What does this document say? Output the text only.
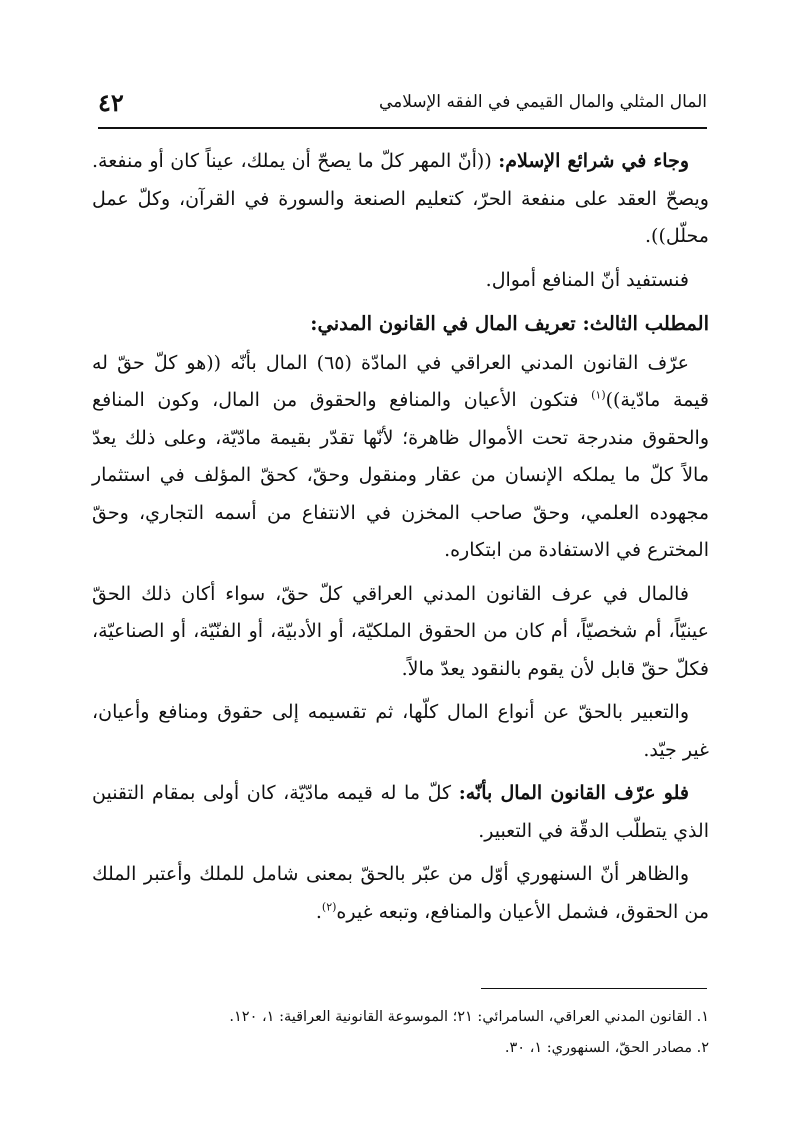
المال المثلي والمال القيمي في الفقه الإسلامي
٤٢

وجاء في شرائع الإسلام: ((أنّ المهر كلّ ما يصحّ أن يملك، عيناً كان أو منفعة. ويصحّ العقد على منفعة الحرّ، كتعليم الصنعة والسورة في القرآن، وكلّ عمل محلّل)).

فنستفيد أنّ المنافع أموال.

المطلب الثالث: تعريف المال في القانون المدني:

عرّف القانون المدني العراقي في المادّة (٦٥) المال بأنّه ((هو كلّ حقّ له قيمة مادّية))$^{(١)}$ فتكون الأعيان والمنافع والحقوق من المال، وكون المنافع والحقوق مندرجة تحت الأموال ظاهرة؛ لأنّها تقدّر بقيمة مادّيّة، وعلى ذلك يعدّ مالاً كلّ ما يملكه الإنسان من عقار ومنقول وحقّ، كحقّ المؤلف في استثمار مجهوده العلمي، وحقّ صاحب المخزن في الانتفاع من أسمه التجاري، وحقّ المخترع في الاستفادة من ابتكاره.

فالمال في عرف القانون المدني العراقي كلّ حقّ، سواء أكان ذلك الحقّ عينيّاً، أم شخصيّاً، أم كان من الحقوق الملكيّة، أو الأدبيّة، أو الفنّيّة، أو الصناعيّة، فكلّ حقّ قابل لأن يقوم بالنقود يعدّ مالاً.

والتعبير بالحقّ عن أنواع المال كلّها، ثم تقسيمه إلى حقوق ومنافع وأعيان، غير جيّد.

فلو عرّف القانون المال بأنّه: كلّ ما له قيمه مادّيّة، كان أولى بمقام التقنين الذي يتطلّب الدقّة في التعبير.

والظاهر أنّ السنهوري أوّل من عبّر بالحقّ بمعنى شامل للملك وأعتبر الملك من الحقوق، فشمل الأعيان والمنافع، وتبعه غيره$^{(٢)}$.

١. القانون المدني العراقي، السامرائي: ٢١؛ الموسوعة القانونية العراقية: ١، ١٢٠.
٢. مصادر الحقّ، السنهوري: ١، ٣٠.
